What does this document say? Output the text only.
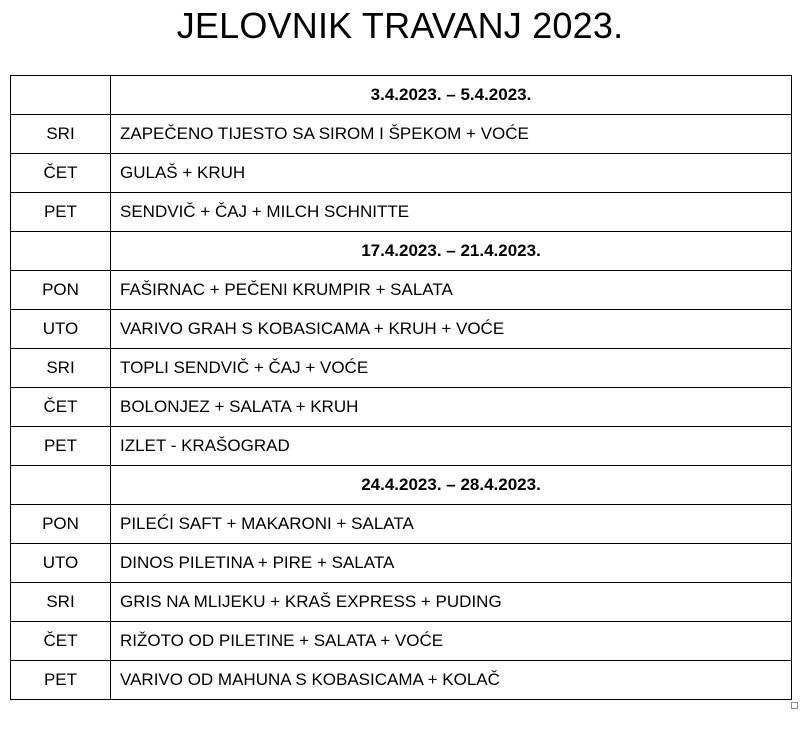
JELOVNIK TRAVANJ 2023.
	3.4.2023. – 5.4.2023.
SRI	ZAPEČENO TIJESTO SA SIROM I ŠPEKOM + VOĆE
ČET	GULAŠ + KRUH
PET	SENDVIČ + ČAJ + MILCH SCHNITTE
	17.4.2023. – 21.4.2023.
PON	FAŠIRNAC + PEČENI KRUMPIR + SALATA
UTO	VARIVO GRAH S KOBASICAMA + KRUH + VOĆE
SRI	TOPLI SENDVIČ + ČAJ + VOĆE
ČET	BOLONJEZ + SALATA + KRUH
PET	IZLET - KRAŠOGRAD
	24.4.2023. – 28.4.2023.
PON	PILEĆI SAFT + MAKARONI + SALATA
UTO	DINOS PILETINA + PIRE + SALATA
SRI	GRIS NA MLIJEKU + KRAŠ EXPRESS + PUDING
ČET	RIŽOTO OD PILETINE + SALATA + VOĆE
PET	VARIVO OD MAHUNA S KOBASICAMA + KOLAČ
